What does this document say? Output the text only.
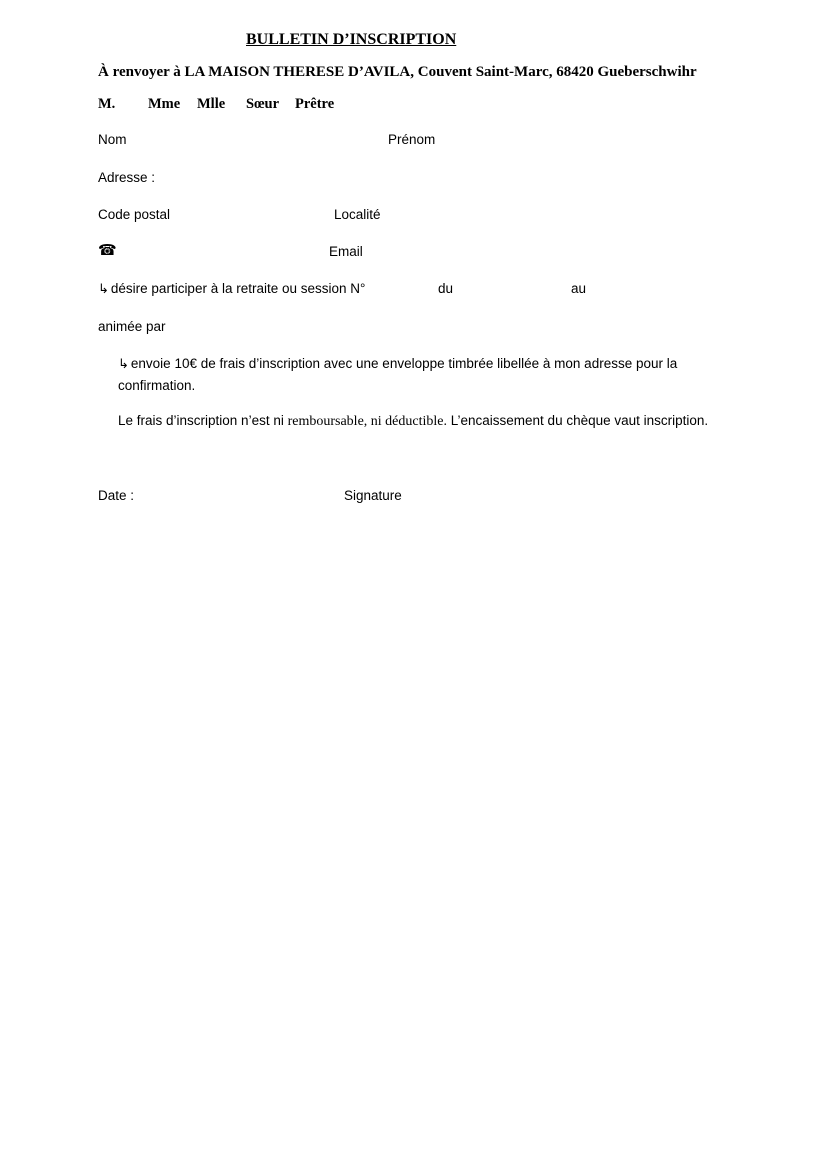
BULLETIN D’INSCRIPTION
À renvoyer à LA MAISON THERESE D’AVILA, Couvent Saint-Marc, 68420 Gueberschwihr
M. Mme Mlle Sœur Prêtre
Nom	Prénom
Adresse :
Code postal	Localité
☎	Email
↳ désire participer à la retraite ou session N°	du	au
animée par
↳ envoie 10€ de frais d’inscription avec une enveloppe timbrée libellée à mon adresse pour la confirmation.
Le frais d’inscription n’est ni remboursable, ni déductible. L’encaissement du chèque vaut inscription.
Date :	Signature
